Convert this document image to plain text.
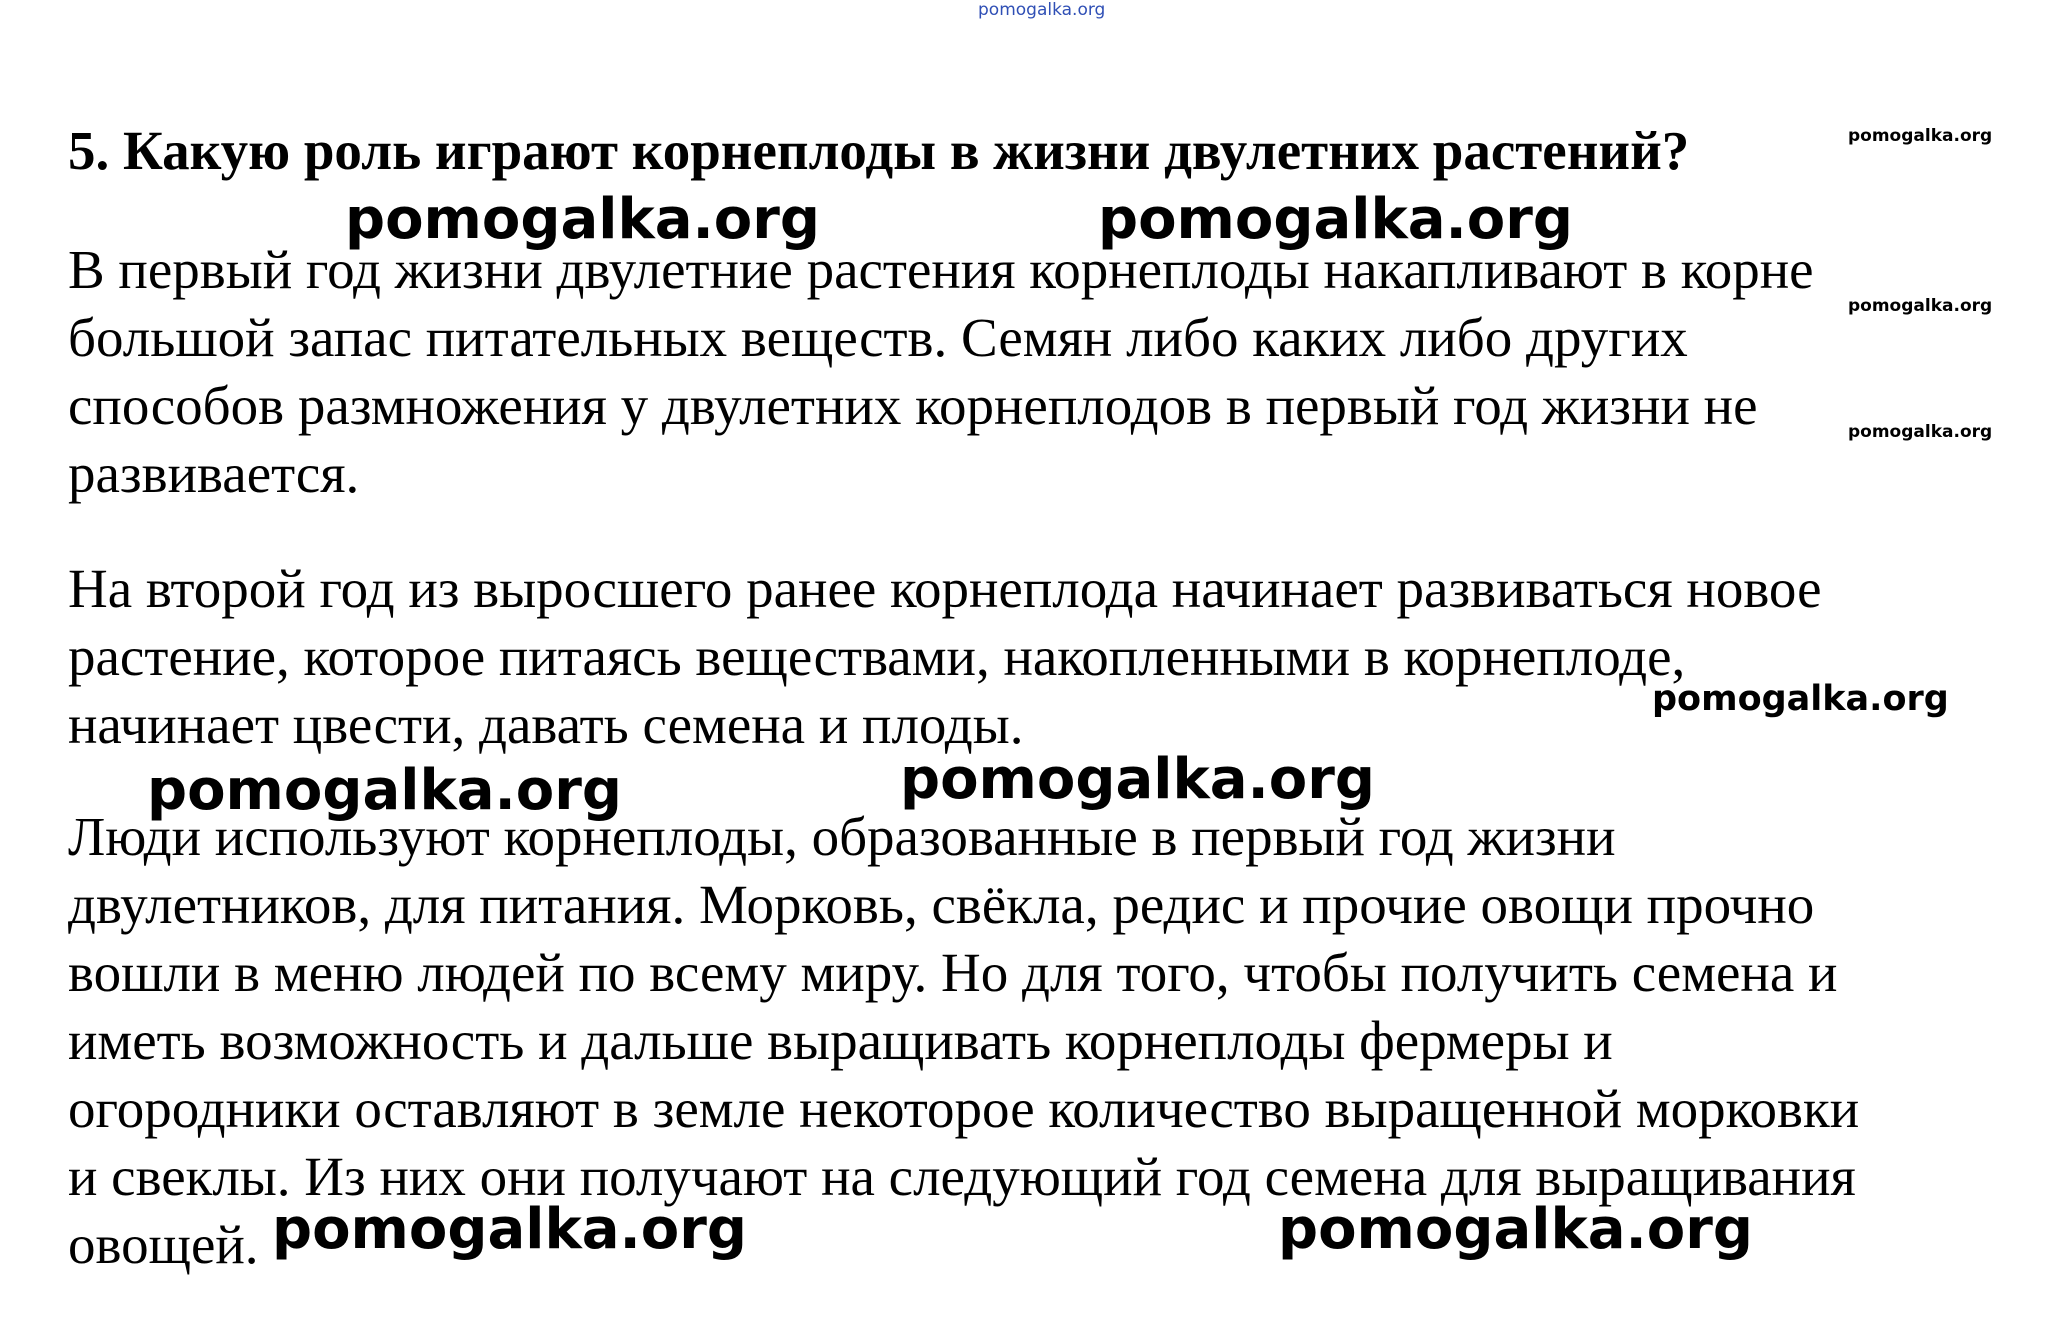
pomogalka.org
5. Какую роль играют корнеплоды в жизни двулетних растений?
В первый год жизни двулетние растения корнеплоды накапливают в корне
большой запас питательных веществ. Семян либо каких либо других
способов размножения у двулетних корнеплодов в первый год жизни не
развивается.
На второй год из выросшего ранее корнеплода начинает развиваться новое
растение, которое питаясь веществами, накопленными в корнеплоде,
начинает цвести, давать семена и плоды.
Люди используют корнеплоды, образованные в первый год жизни
двулетников, для питания. Морковь, свёкла, редис и прочие овощи прочно
вошли в меню людей по всему миру. Но для того, чтобы получить семена и
иметь возможность и дальше выращивать корнеплоды фермеры и
огородники оставляют в земле некоторое количество выращенной морковки
и свеклы. Из них они получают на следующий год семена для выращивания
овощей.
pomogalka.org
pomogalka.org
pomogalka.org
pomogalka.org
pomogalka.org	pomogalka.org
pomogalka.org	pomogalka.org
pomogalka.org	pomogalka.org
